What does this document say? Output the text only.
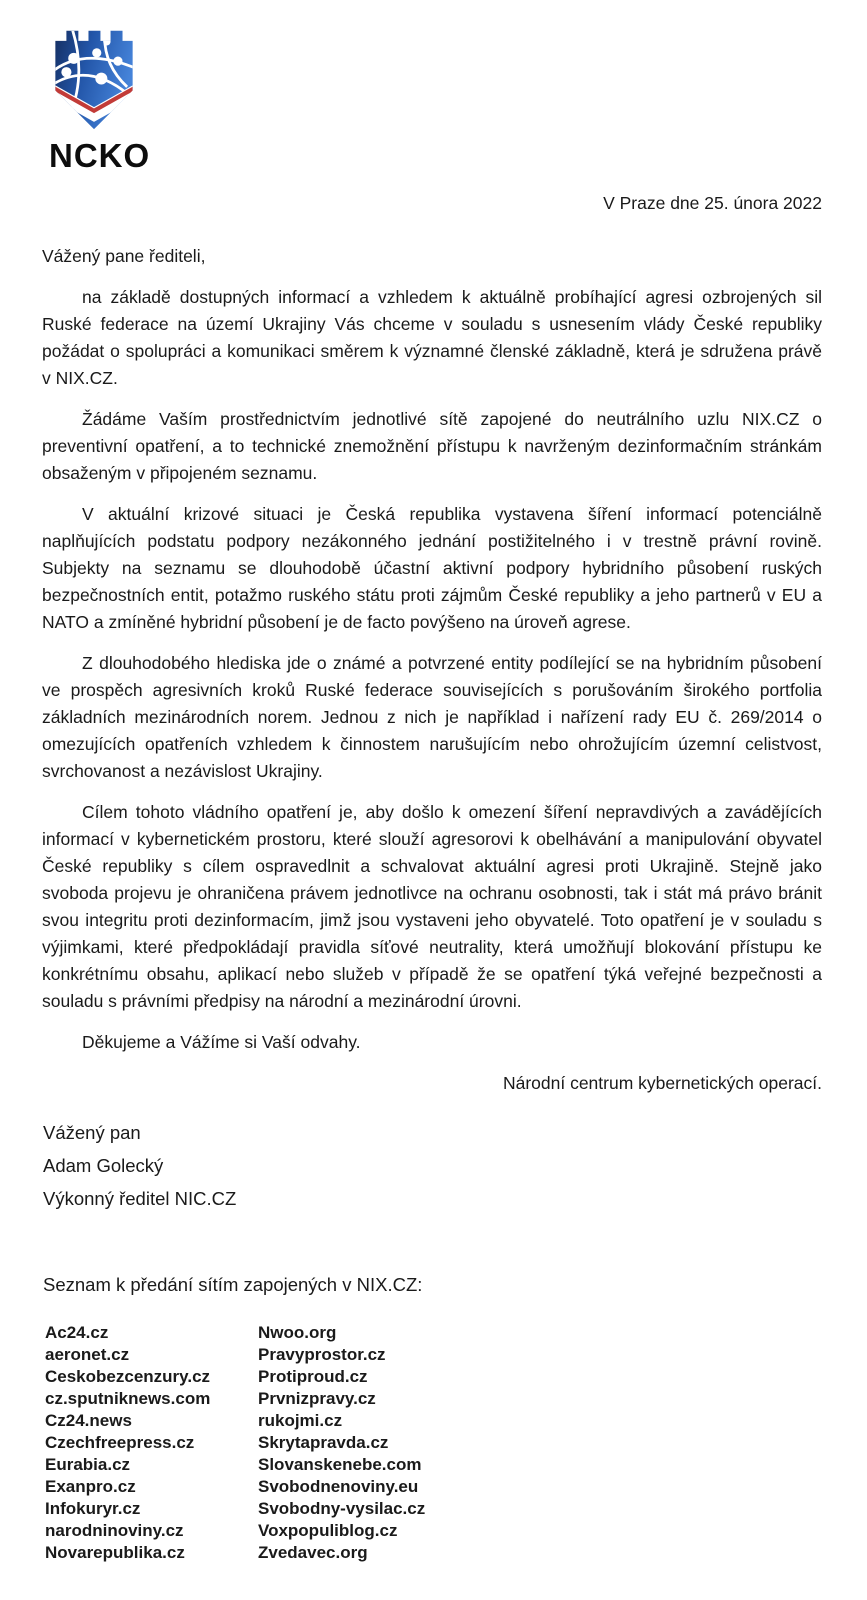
NCKO

V Praze dne 25. února 2022

Vážený pane řediteli,

na základě dostupných informací a vzhledem k aktuálně probíhající agresi ozbrojených sil Ruské federace na území Ukrajiny Vás chceme v souladu s usnesením vlády České republiky požádat o spolupráci a komunikaci směrem k významné členské základně, která je sdružena právě v NIX.CZ.

Žádáme Vaším prostřednictvím jednotlivé sítě zapojené do neutrálního uzlu NIX.CZ o preventivní opatření, a to technické znemožnění přístupu k navrženým dezinformačním stránkám obsaženým v připojeném seznamu.

V aktuální krizové situaci je Česká republika vystavena šíření informací potenciálně naplňujících podstatu podpory nezákonného jednání postižitelného i v trestně právní rovině. Subjekty na seznamu se dlouhodobě účastní aktivní podpory hybridního působení ruských bezpečnostních entit, potažmo ruského státu proti zájmům České republiky a jeho partnerů v EU a NATO a zmíněné hybridní působení je de facto povýšeno na úroveň agrese.

Z dlouhodobého hlediska jde o známé a potvrzené entity podílející se na hybridním působení ve prospěch agresivních kroků Ruské federace souvisejících s porušováním širokého portfolia základních mezinárodních norem. Jednou z nich je například i nařízení rady EU č. 269/2014 o omezujících opatřeních vzhledem k činnostem narušujícím nebo ohrožujícím územní celistvost, svrchovanost a nezávislost Ukrajiny.

Cílem tohoto vládního opatření je, aby došlo k omezení šíření nepravdivých a zavádějících informací v kybernetickém prostoru, které slouží agresorovi k obelhávání a manipulování obyvatel České republiky s cílem ospravedlnit a schvalovat aktuální agresi proti Ukrajině. Stejně jako svoboda projevu je ohraničena právem jednotlivce na ochranu osobnosti, tak i stát má právo bránit svou integritu proti dezinformacím, jimž jsou vystaveni jeho obyvatelé. Toto opatření je v souladu s výjimkami, které předpokládají pravidla síťové neutrality, která umožňují blokování přístupu ke konkrétnímu obsahu, aplikací nebo služeb v případě že se opatření týká veřejné bezpečnosti a souladu s právními předpisy na národní a mezinárodní úrovni.

Děkujeme a Vážíme si Vaší odvahy.

Národní centrum kybernetických operací.

Vážený pan
Adam Golecký
Výkonný ředitel NIC.CZ
Seznam k předání sítím zapojených v NIX.CZ:
Ac24.cz
aeronet.cz
Ceskobezcenzury.cz
cz.sputniknews.com
Cz24.news
Czechfreepress.cz
Eurabia.cz
Exanpro.cz
Infokuryr.cz
narodninoviny.cz
Novarepublika.cz
Nwoo.org
Pravyprostor.cz
Protiproud.cz
Prvnizpravy.cz
rukojmi.cz
Skrytapravda.cz
Slovanskenebe.com
Svobodnenoviny.eu
Svobodny-vysilac.cz
Voxpopuliblog.cz
Zvedavec.org
